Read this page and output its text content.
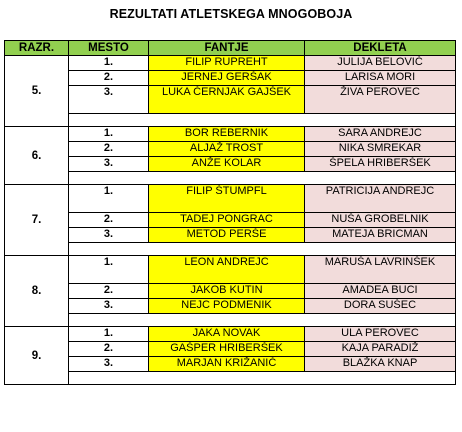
REZULTATI ATLETSKEGA MNOGOBOJA
RAZR.	MESTO	FANTJE	DEKLETA
5.	1.	FILIP RUPREHT	JULIJA BELOVIČ
	2.	JERNEJ GERŠAK	LARISA MORI
	3.	LUKA ČERNJAK GAJŠEK	ŽIVA PEROVEC

6.	1.	BOR REBERNIK	SARA ANDREJC
	2.	ALJAŽ TROST	NIKA SMREKAR
	3.	ANŽE KOLAR	ŠPELA HRIBERŠEK

7.	1.	FILIP ŠTUMPFL	PATRICIJA ANDREJC
	2.	TADEJ PONGRAC	NUŠA GROBELNIK
	3.	METOD PERŠE	MATEJA BRICMAN

8.	1.	LEON ANDREJC	MARUŠA LAVRINŠEK
	2.	JAKOB KUTIN	AMADEA BUCI
	3.	NEJC PODMENIK	DORA SUŠEC

9.	1.	JAKA NOVAK	ULA PEROVEC
	2.	GAŠPER HRIBERŠEK	KAJA PARADIŽ
	3.	MARJAN KRIŽANIČ	BLAŽKA KNAP
